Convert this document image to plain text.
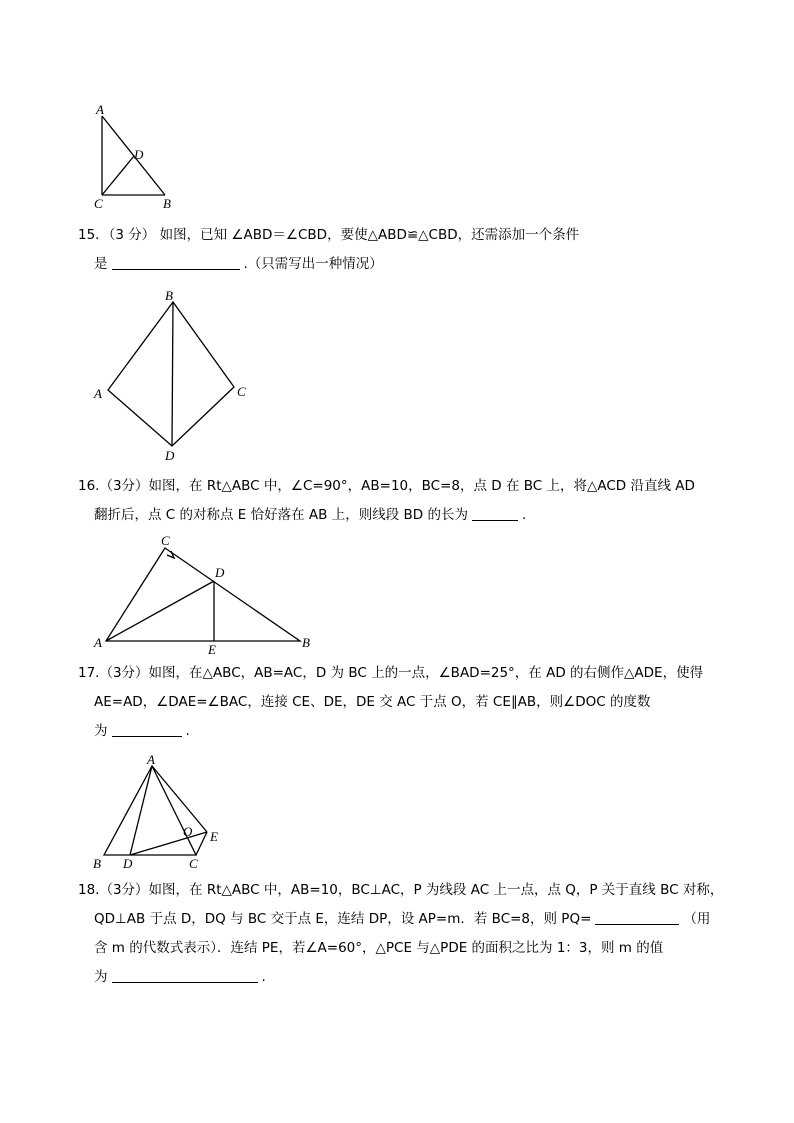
A
D
C	B
B
A	C
D
C
D
A	E	B
A
O E
B D	C
15．（3 分） 如图，已知 ∠ABD＝∠CBD，要使△ABD≌△CBD，还需添加一个条件
是	.（只需写出一种情况）
16.（3分）如图，在 Rt△ABC 中，∠C=90°，AB=10，BC=8，点 D 在 BC 上，将△ACD 沿直线 AD
翻折后，点 C 的对称点 E 恰好落在 AB 上，则线段 BD 的长为	.
17.（3分）如图，在△ABC，AB=AC，D 为 BC 上的一点，∠BAD=25°，在 AD 的右侧作△ADE，使得
AE=AD，∠DAE=∠BAC，连接 CE、DE，DE 交 AC 于点 O，若 CE∥AB，则∠DOC 的度数
为	.
18.（3分）如图，在 Rt△ABC 中，AB=10，BC⊥AC，P 为线段 AC 上一点，点 Q，P 关于直线 BC 对称，
QD⊥AB 于点 D，DQ 与 BC 交于点 E，连结 DP，设 AP=m．若 BC=8，则 PQ=	（用
含 m 的代数式表示）．连结 PE，若∠A=60°，△PCE 与△PDE 的面积之比为 1：3，则 m 的值
为	.
